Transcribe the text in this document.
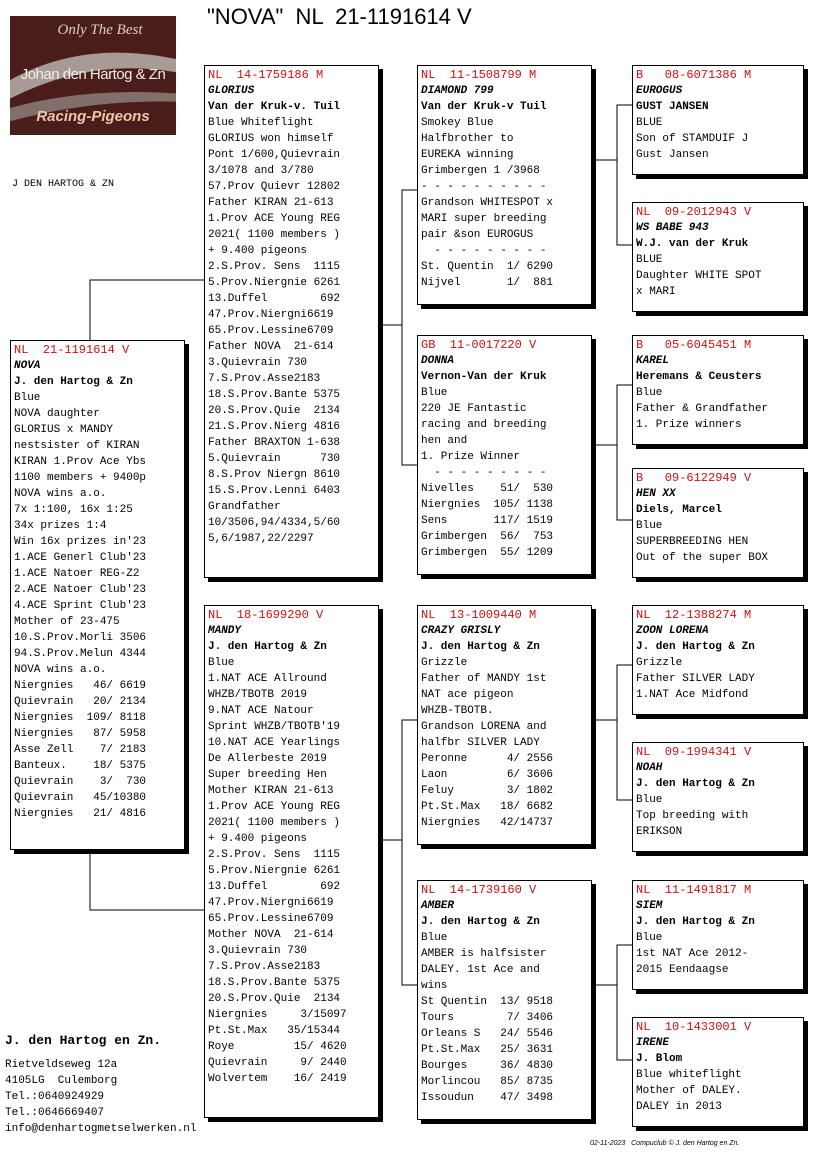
"NOVA"  NL  21-1191614 V
Only The Best
Johan den Hartog & Zn
Racing-Pigeons
J DEN HARTOG & ZN
NL  21-1191614 V
NOVA
J. den Hartog & Zn
Blue
NOVA daughter
GLORIUS x MANDY
nestsister of KIRAN
KIRAN 1.Prov Ace Ybs
1100 members + 9400p
NOVA wins a.o.
7x 1:100, 16x 1:25
34x prizes 1:4
Win 16x prizes in'23
1.ACE Generl Club'23
1.ACE Natoer REG-Z2
2.ACE Natoer Club'23
4.ACE Sprint Club'23
Mother of 23-475
10.S.Prov.Morli 3506
94.S.Prov.Melun 4344
NOVA wins a.o.
Niergnies   46/ 6619
Quievrain   20/ 2134
Niergnies  109/ 8118
Niergnies   87/ 5958
Asse Zell    7/ 2183
Banteux.    18/ 5375
Quievrain    3/  730
Quievrain   45/10380
Niergnies   21/ 4816
NL  14-1759186 M
GLORIUS
Van der Kruk-v. Tuil
Blue Whiteflight
GLORIUS won himself
Pont 1/600,Quievrain
3/1078 and 3/780
57.Prov Quievr 12802
Father KIRAN 21-613
1.Prov ACE Young REG
2021( 1100 members )
+ 9.400 pigeons
2.S.Prov. Sens  1115
5.Prov.Niergnie 6261
13.Duffel        692
47.Prov.Niergni6619
65.Prov.Lessine6709
Father NOVA  21-614
3.Quievrain 730
7.S.Prov.Asse2183
18.S.Prov.Bante 5375
20.S.Prov.Quie  2134
21.S.Prov.Nierg 4816
Father BRAXTON 1-638
5.Quievrain      730
8.S.Prov Niergn 8610
15.S.Prov.Lenni 6403
Grandfather
10/3506,94/4334,5/60
5,6/1987,22/2297
NL  18-1699290 V
MANDY
J. den Hartog & Zn
Blue
1.NAT ACE Allround
WHZB/TBOTB 2019
9.NAT ACE Natour
Sprint WHZB/TBOTB'19
10.NAT ACE Yearlings
De Allerbeste 2019
Super breeding Hen
Mother KIRAN 21-613
1.Prov ACE Young REG
2021( 1100 members )
+ 9.400 pigeons
2.S.Prov. Sens  1115
5.Prov.Niergnie 6261
13.Duffel        692
47.Prov.Niergni6619
65.Prov.Lessine6709
Mother NOVA  21-614
3.Quievrain 730
7.S.Prov.Asse2183
18.S.Prov.Bante 5375
20.S.Prov.Quie  2134
Niergnies     3/15097
Pt.St.Max   35/15344
Roye         15/ 4620
Quievrain     9/ 2440
Wolvertem    16/ 2419
NL  11-1508799 M
DIAMOND 799
Van der Kruk-v Tuil
Smokey Blue
Halfbrother to
EUREKA winning
Grimbergen 1 /3968
- - - - - - - - - -
Grandson WHITESPOT x
MARI super breeding
pair &son EUROGUS
- - - - - - - - -
St. Quentin  1/ 6290
Nijvel       1/  881
GB  11-0017220 V
DONNA
Vernon-Van der Kruk
Blue
220 JE Fantastic
racing and breeding
hen and
1. Prize Winner
- - - - - - - - -
Nivelles    51/  530
Niergnies  105/ 1138
Sens       117/ 1519
Grimbergen  56/  753
Grimbergen  55/ 1209
NL  13-1009440 M
CRAZY GRISLY
J. den Hartog & Zn
Grizzle
Father of MANDY 1st
NAT ace pigeon
WHZB-TBOTB.
Grandson LORENA and
halfbr SILVER LADY
Peronne      4/ 2556
Laon         6/ 3606
Feluy        3/ 1802
Pt.St.Max   18/ 6682
Niergnies   42/14737
NL  14-1739160 V
AMBER
J. den Hartog & Zn
Blue
AMBER is halfsister
DALEY. 1st Ace and
wins
St Quentin  13/ 9518
Tours        7/ 3406
Orleans S   24/ 5546
Pt.St.Max   25/ 3631
Bourges     36/ 4830
Morlincou   85/ 8735
Issoudun    47/ 3498
B   08-6071386 M
EUROGUS
GUST JANSEN
BLUE
Son of STAMDUIF J
Gust Jansen
NL  09-2012943 V
WS BABE 943
W.J. van der Kruk
BLUE
Daughter WHITE SPOT
x MARI
B   05-6045451 M
KAREL
Heremans & Ceusters
Blue
Father & Grandfather
1. Prize winners
B   09-6122949 V
HEN XX
Diels, Marcel
Blue
SUPERBREEDING HEN
Out of the super BOX
NL  12-1388274 M
ZOON LORENA
J. den Hartog & Zn
Grizzle
Father SILVER LADY
1.NAT Ace Midfond
NL  09-1994341 V
NOAH
J. den Hartog & Zn
Blue
Top breeding with
ERIKSON
NL  11-1491817 M
SIEM
J. den Hartog & Zn
Blue
1st NAT Ace 2012-
2015 Eendaagse
NL  10-1433001 V
IRENE
J. Blom
Blue whiteflight
Mother of DALEY.
DALEY in 2013
J. den Hartog en Zn.
Rietveldseweg 12a
4105LG  Culemborg
Tel.:0640924929
Tel.:0646669407
info@denhartogmetselwerken.nl
02-11-2023   Compuclub © J. den Hartog en Zn.
